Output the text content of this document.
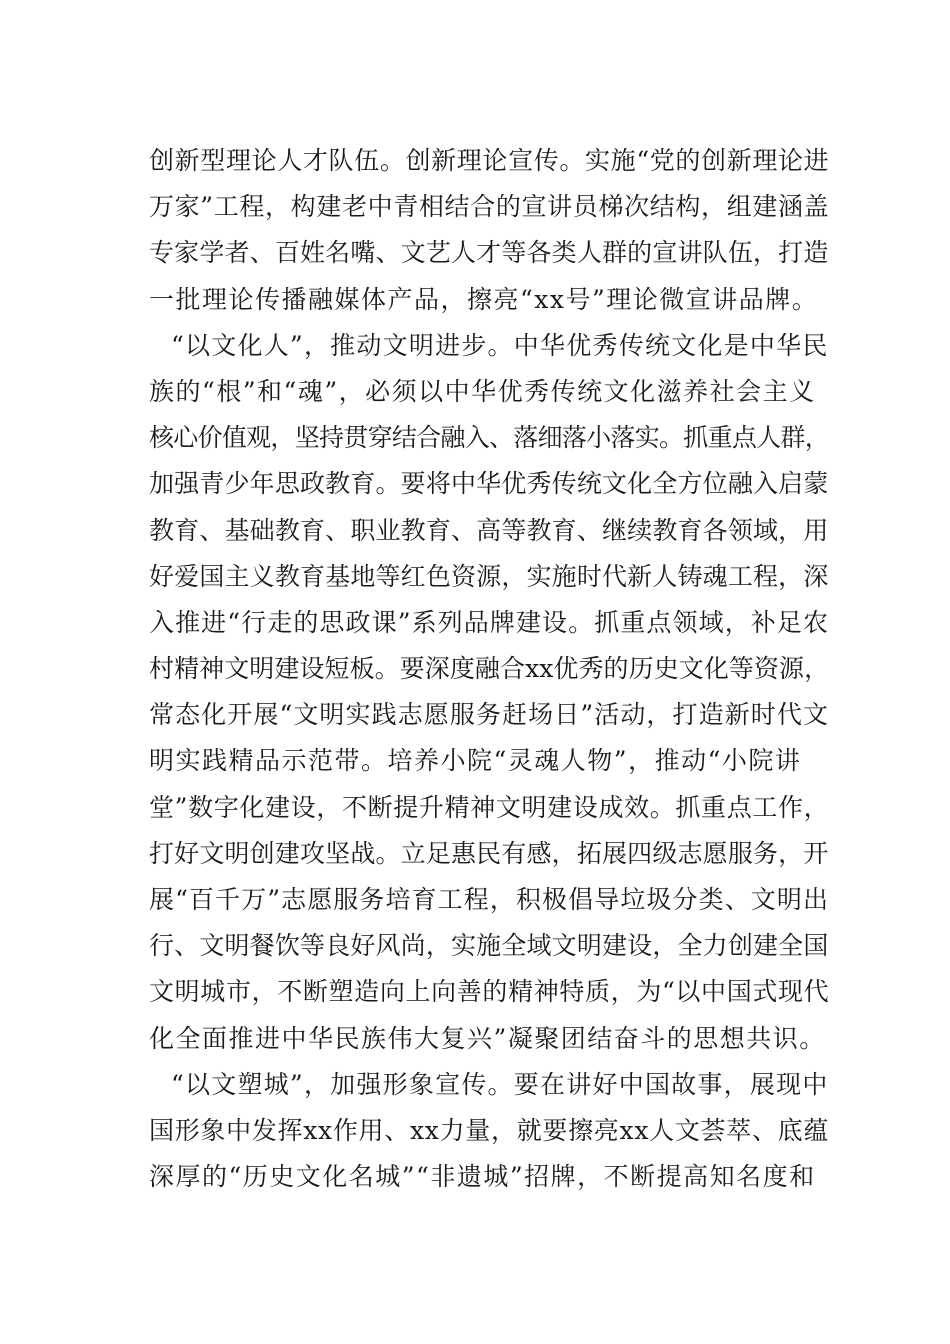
创新型理论人才队伍。创新理论宣传。实施“党的创新理论进
万家”工程，构建老中青相结合的宣讲员梯次结构，组建涵盖
专家学者、百姓名嘴、文艺人才等各类人群的宣讲队伍，打造
一批理论传播融媒体产品，擦亮“xx号”理论微宣讲品牌。
“以文化人”，推动文明进步。中华优秀传统文化是中华民
族的“根”和“魂”，必须以中华优秀传统文化滋养社会主义
核心价值观，坚持贯穿结合融入、落细落小落实。抓重点人群，
加强青少年思政教育。要将中华优秀传统文化全方位融入启蒙
教育、基础教育、职业教育、高等教育、继续教育各领域，用
好爱国主义教育基地等红色资源，实施时代新人铸魂工程，深
入推进“行走的思政课”系列品牌建设。抓重点领域，补足农
村精神文明建设短板。要深度融合xx优秀的历史文化等资源，
常态化开展“文明实践志愿服务赶场日”活动，打造新时代文
明实践精品示范带。培养小院“灵魂人物”，推动“小院讲
堂”数字化建设，不断提升精神文明建设成效。抓重点工作，
打好文明创建攻坚战。立足惠民有感，拓展四级志愿服务，开
展“百千万”志愿服务培育工程，积极倡导垃圾分类、文明出
行、文明餐饮等良好风尚，实施全域文明建设，全力创建全国
文明城市，不断塑造向上向善的精神特质，为“以中国式现代
化全面推进中华民族伟大复兴”凝聚团结奋斗的思想共识。
“以文塑城”，加强形象宣传。要在讲好中国故事，展现中
国形象中发挥xx作用、xx力量，就要擦亮xx人文荟萃、底蕴
深厚的“历史文化名城”“非遗城”招牌，不断提高知名度和
